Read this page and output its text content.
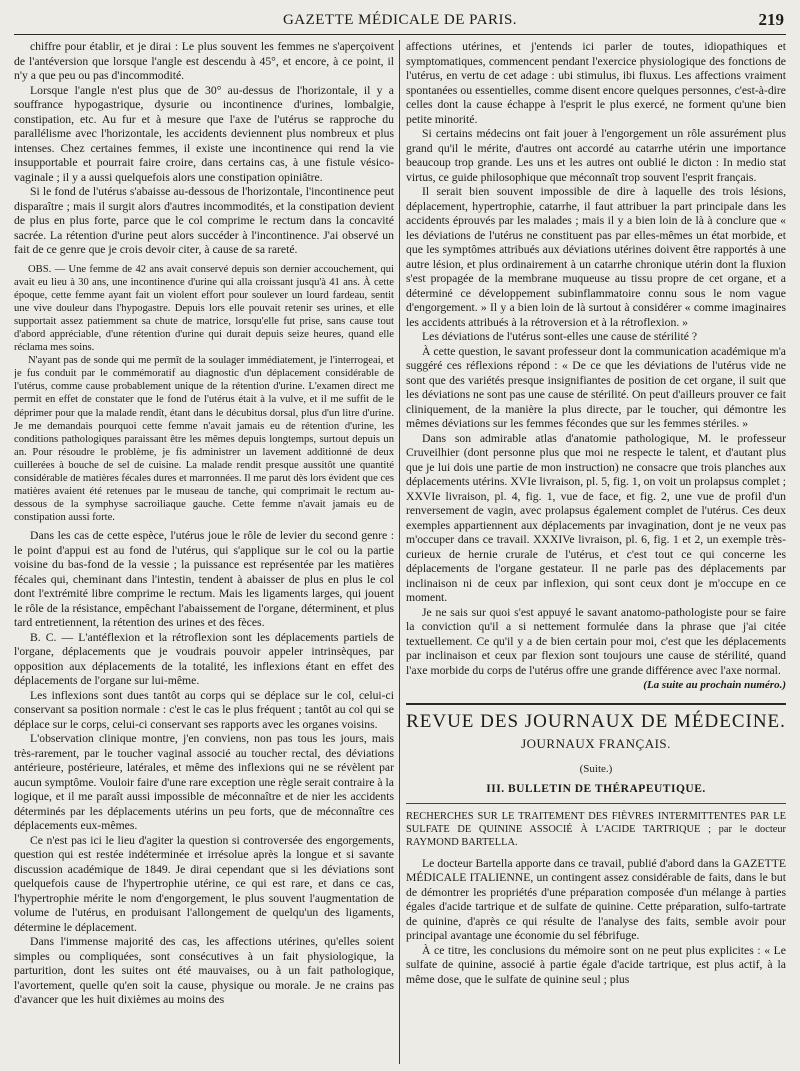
GAZETTE MÉDICALE DE PARIS.	219

chiffre pour établir, et je dirai : Le plus souvent les femmes ne s'aperçoivent de l'antéversion que lorsque l'angle est descendu à 45°, et encore, à ce point, il n'y a que peu ou pas d'incommodité.

Lorsque l'angle n'est plus que de 30° au-dessus de l'horizontale, il y a souffrance hypogastrique, dysurie ou incontinence d'urines, lombalgie, constipation, etc. Au fur et à mesure que l'axe de l'utérus se rapproche du parallélisme avec l'horizontale, les accidents deviennent plus nombreux et plus intenses. Chez certaines femmes, il existe une incontinence qui rend la vie insupportable et pourrait faire croire, dans certains cas, à une fistule vésico-vaginale ; il y a aussi quelquefois alors une constipation opiniâtre.

Si le fond de l'utérus s'abaisse au-dessous de l'horizontale, l'incontinence peut disparaître ; mais il surgit alors d'autres incommodités, et la constipation devient de plus en plus forte, parce que le col comprime le rectum dans la concavité sacrée. La rétention d'urine peut alors succéder à l'incontinence. J'ai observé un fait de ce genre que je crois devoir citer, à cause de sa rareté.

OBS. — Une femme de 42 ans avait conservé depuis son dernier accouchement, qui avait eu lieu à 30 ans, une incontinence d'urine qui alla croissant jusqu'à 41 ans. À cette époque, cette femme ayant fait un violent effort pour soulever un lourd fardeau, sentit une vive douleur dans l'hypogastre. Depuis lors elle pouvait retenir ses urines, et elle supportait assez patiemment sa chute de matrice, lorsqu'elle fut prise, sans cause tout d'abord appréciable, d'une rétention d'urine qui durait depuis seize heures, quand elle réclama mes soins.

N'ayant pas de sonde qui me permît de la soulager immédiatement, je l'interrogeai, et je fus conduit par le commémoratif au diagnostic d'un déplacement considérable de l'utérus, comme cause probablement unique de la rétention d'urine. L'examen direct me permit en effet de constater que le fond de l'utérus était à la vulve, et il me suffit de le déprimer pour que la malade rendît, étant dans le décubitus dorsal, plus d'un litre d'urine. Je me demandais pourquoi cette femme n'avait jamais eu de rétention d'urine, les conditions pathologiques paraissant être les mêmes depuis longtemps, surtout depuis un an. Pour résoudre le problème, je fis administrer un lavement additionné de deux cuillerées à bouche de sel de cuisine. La malade rendit presque aussitôt une quantité considérable de matières fécales dures et marronnées. Il me parut dès lors évident que ces matières avaient été retenues par le museau de tanche, qui comprimait le rectum au-dessous de la symphyse sacroiliaque gauche. Cette femme n'avait jamais eu de constipation aussi forte.

Dans les cas de cette espèce, l'utérus joue le rôle de levier du second genre : le point d'appui est au fond de l'utérus, qui s'applique sur le col ou la partie voisine du bas-fond de la vessie ; la puissance est représentée par les matières fécales qui, cheminant dans l'intestin, tendent à abaisser de plus en plus le col dont l'extrémité libre comprime le rectum. Mais les ligaments larges, qui jouent le rôle de la résistance, empêchant l'abaissement de l'organe, déterminent, et plus tard entretiennent, la rétention des urines et des fèces.

B. C. — L'antéflexion et la rétroflexion sont les déplacements partiels de l'organe, déplacements que je voudrais pouvoir appeler intrinsèques, par opposition aux déplacements de la totalité, les inflexions étant en effet des déplacements de l'organe sur lui-même.

Les inflexions sont dues tantôt au corps qui se déplace sur le col, celui-ci conservant sa position normale : c'est le cas le plus fréquent ; tantôt au col qui se déplace sur le corps, celui-ci conservant ses rapports avec les organes voisins.

L'observation clinique montre, j'en conviens, non pas tous les jours, mais très-rarement, par le toucher vaginal associé au toucher rectal, des déviations antérieure, postérieure, latérales, et même des inflexions qui ne se révèlent par aucun symptôme. Vouloir faire d'une rare exception une règle serait contraire à la logique, et il me paraît aussi impossible de méconnaître et de nier les accidents déterminés par les déplacements utérins un peu forts, que de méconnaître ces déplacements eux-mêmes.

Ce n'est pas ici le lieu d'agiter la question si controversée des engorgements, question qui est restée indéterminée et irrésolue après la longue et si savante discussion académique de 1849. Je dirai cependant que si les déviations sont quelquefois cause de l'hypertrophie utérine, ce qui est rare, et dans ce cas, l'hypertrophie mérite le nom d'engorgement, le plus souvent l'augmentation de volume de l'utérus, en produisant l'allongement de quelqu'un des ligaments, détermine le déplacement.

Dans l'immense majorité des cas, les affections utérines, qu'elles soient simples ou compliquées, sont consécutives à un fait physiologique, la parturition, dont les suites ont été mauvaises, ou à un fait pathologique, l'avortement, quelle qu'en soit la cause, physique ou morale. Je ne crains pas d'avancer que les huit dixièmes au moins des

affections utérines, et j'entends ici parler de toutes, idiopathiques et symptomatiques, commencent pendant l'exercice physiologique des fonctions de l'utérus, en vertu de cet adage : ubi stimulus, ibi fluxus. Les affections vraiment spontanées ou essentielles, comme disent encore quelques personnes, c'est-à-dire celles dont la cause échappe à l'esprit le plus exercé, ne forment qu'une bien petite minorité.

Si certains médecins ont fait jouer à l'engorgement un rôle assurément plus grand qu'il le mérite, d'autres ont accordé au catarrhe utérin une importance beaucoup trop grande. Les uns et les autres ont oublié le dicton : In medio stat virtus, ce guide philosophique que méconnaît trop souvent l'esprit français.

Il serait bien souvent impossible de dire à laquelle des trois lésions, déplacement, hypertrophie, catarrhe, il faut attribuer la part principale dans les accidents éprouvés par les malades ; mais il y a bien loin de là à conclure que « les déviations de l'utérus ne constituent pas par elles-mêmes un état morbide, et que les symptômes attribués aux déviations utérines doivent être rapportés à une autre lésion, et plus ordinairement à un catarrhe chronique utérin dont la fluxion s'est propagée de la membrane muqueuse au tissu propre de cet organe, et a déterminé ce développement subinflammatoire connu sous le nom vague d'engorgement. » Il y a bien loin de là surtout à considérer « comme imaginaires les accidents attribués à la rétroversion et à la rétroflexion. »

Les déviations de l'utérus sont-elles une cause de stérilité ?

À cette question, le savant professeur dont la communication académique m'a suggéré ces réflexions répond : « De ce que les déviations de l'utérus vide ne sont que des variétés presque insignifiantes de position de cet organe, il suit que les déviations ne sont pas une cause de stérilité. On peut d'ailleurs prouver ce fait cliniquement, de la manière la plus directe, par le toucher, qui démontre les mêmes déviations sur les femmes fécondes que sur les femmes stériles. »

Dans son admirable atlas d'anatomie pathologique, M. le professeur Cruveilhier (dont personne plus que moi ne respecte le talent, et d'autant plus que je lui dois une partie de mon instruction) ne consacre que trois planches aux déplacements utérins. XVIe livraison, pl. 5, fig. 1, on voit un prolapsus complet ; XXVIe livraison, pl. 4, fig. 1, vue de face, et fig. 2, une vue de profil d'un renversement de vagin, avec prolapsus également complet de l'utérus. Ces deux exemples appartiennent aux déplacements par invagination, dont je ne veux pas m'occuper dans ce travail. XXXIVe livraison, pl. 6, fig. 1 et 2, un exemple très-curieux de hernie crurale de l'utérus, et c'est tout ce qui concerne les déplacements de l'organe gestateur. Il ne parle pas des déplacements par inclinaison ni de ceux par inflexion, qui sont ceux dont je m'occupe en ce moment.

Je ne sais sur quoi s'est appuyé le savant anatomo-pathologiste pour se faire la conviction qu'il a si nettement formulée dans la phrase que j'ai citée textuellement. Ce qu'il y a de bien certain pour moi, c'est que les déplacements par inclinaison et ceux par flexion sont toujours une cause de stérilité, quand l'axe morbide du corps de l'utérus offre une grande différence avec l'axe normal.

(La suite au prochain numéro.)
REVUE DES JOURNAUX DE MÉDECINE.
JOURNAUX FRANÇAIS.
(Suite.)
III. BULLETIN DE THÉRAPEUTIQUE.
RECHERCHES SUR LE TRAITEMENT DES FIÈVRES INTERMITTENTES PAR LE SULFATE DE QUININE ASSOCIÉ À L'ACIDE TARTRIQUE ; par le docteur RAYMOND BARTELLA.

Le docteur Bartella apporte dans ce travail, publié d'abord dans la GAZETTE MÉDICALE ITALIENNE, un contingent assez considérable de faits, dans le but de démontrer les propriétés d'une préparation composée d'un mélange à parties égales d'acide tartrique et de sulfate de quinine. Cette préparation, sulfo-tartrate de quinine, d'après ce qui résulte de l'analyse des faits, semble avoir pour principal avantage une économie du sel fébrifuge.

À ce titre, les conclusions du mémoire sont on ne peut plus explicites : « Le sulfate de quinine, associé à partie égale d'acide tartrique, est plus actif, à la même dose, que le sulfate de quinine seul ; plus
